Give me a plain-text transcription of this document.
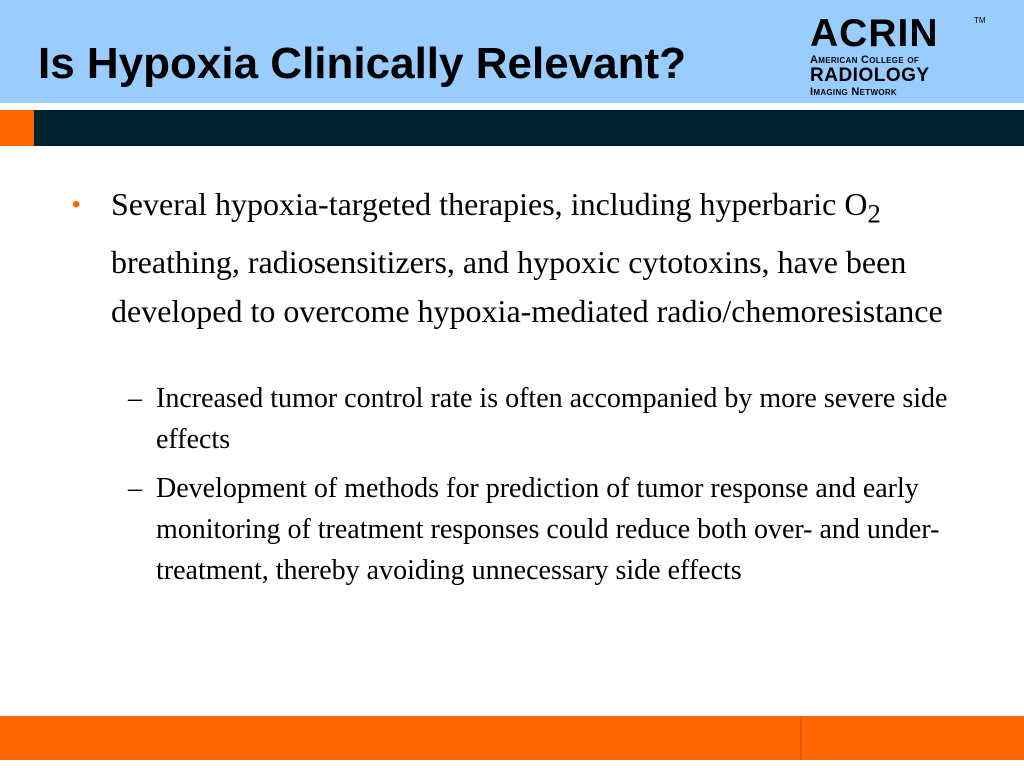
Is Hypoxia Clinically Relevant?
ACRIN	TM
American College of
RADIOLOGY
Imaging Network
• Several hypoxia-targeted therapies, including hyperbaric $O_2$ breathing, radiosensitizers, and hypoxic cytotoxins, have been developed to overcome hypoxia-mediated radio/chemoresistance
– Increased tumor control rate is often accompanied by more severe side effects
– Development of methods for prediction of tumor response and early monitoring of treatment responses could reduce both over- and under-treatment, thereby avoiding unnecessary side effects
